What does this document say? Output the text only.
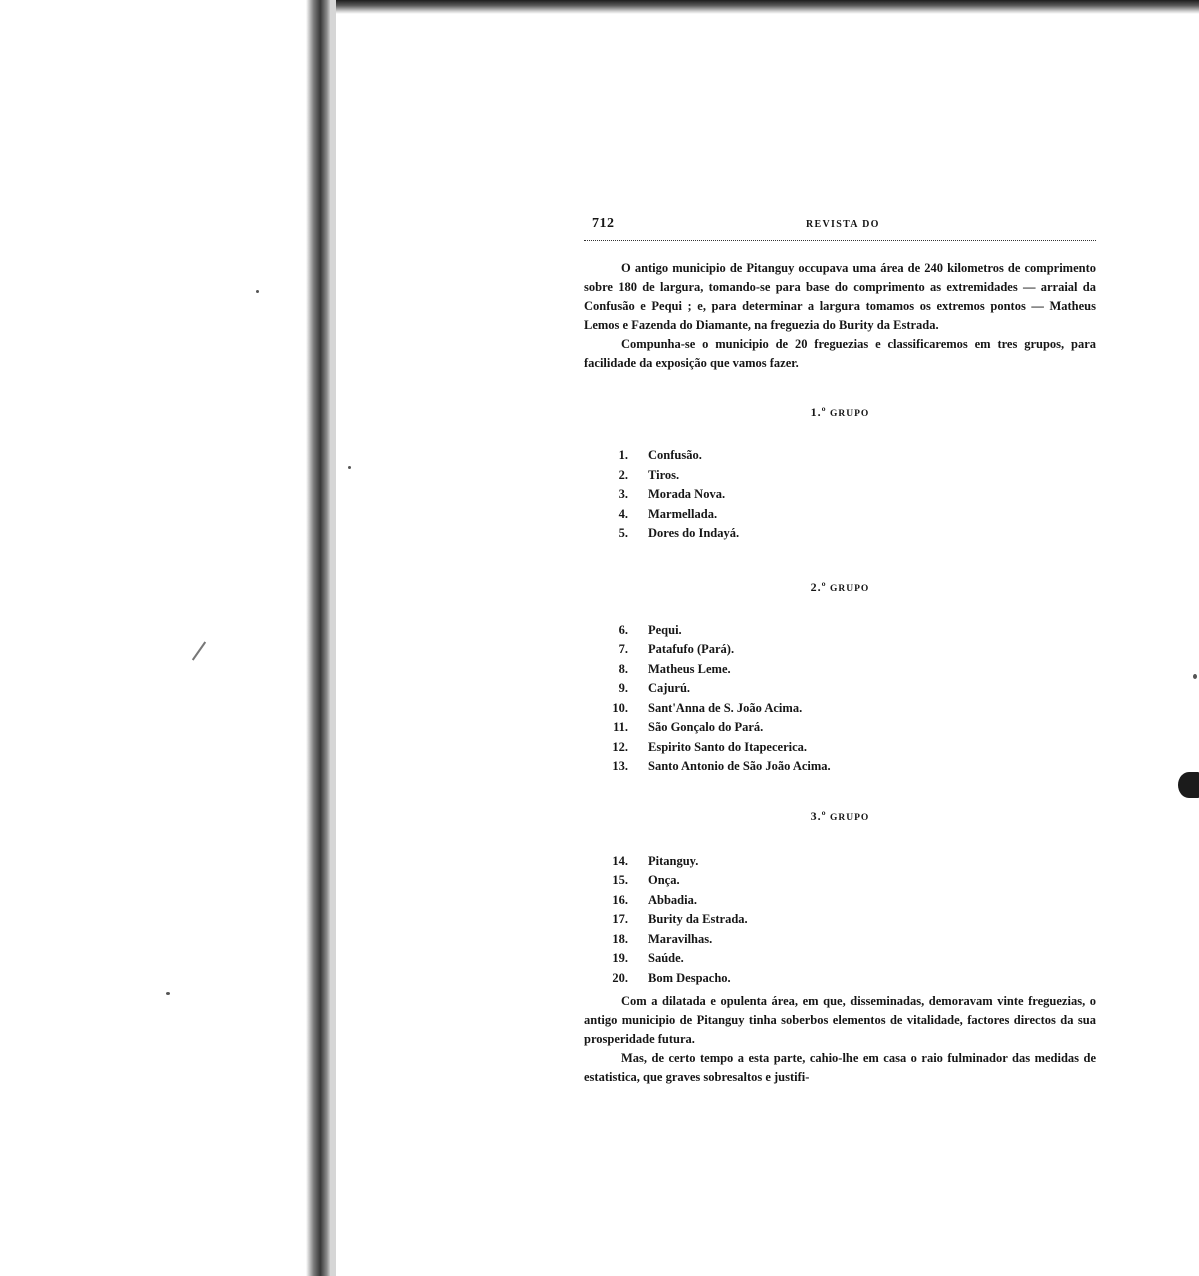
712	REVISTA DO

O antigo municipio de Pitanguy occupava uma área de 240 kilometros de comprimento sobre 180 de largura, tomando-se para base do comprimento as extremidades — arraial da Confusão e Pequi ; e, para determinar a largura tomamos os extremos pontos — Matheus Lemos e Fazenda do Diamante, na freguezia do Burity da Estrada.

Compunha-se o municipio de 20 freguezias e classificaremos em tres grupos, para facilidade da exposição que vamos fazer.

1.º GRUPO
1. Confusão.
2. Tiros.
3. Morada Nova.
4. Marmellada.
5. Dores do Indayá.
2.º GRUPO
6. Pequi.
7. Patafufo (Pará).
8. Matheus Leme.
9. Cajurú.
10. Sant'Anna de S. João Acima.
11. São Gonçalo do Pará.
12. Espirito Santo do Itapecerica.
13. Santo Antonio de São João Acima.
3.º GRUPO
14. Pitanguy.
15. Onça.
16. Abbadia.
17. Burity da Estrada.
18. Maravilhas.
19. Saúde.
20. Bom Despacho.

Com a dilatada e opulenta área, em que, disseminadas, demoravam vinte freguezias, o antigo municipio de Pitanguy tinha soberbos elementos de vitalidade, factores directos da sua prosperidade futura.

Mas, de certo tempo a esta parte, cahio-lhe em casa o raio fulminador das medidas de estatistica, que graves sobresaltos e justifi-
